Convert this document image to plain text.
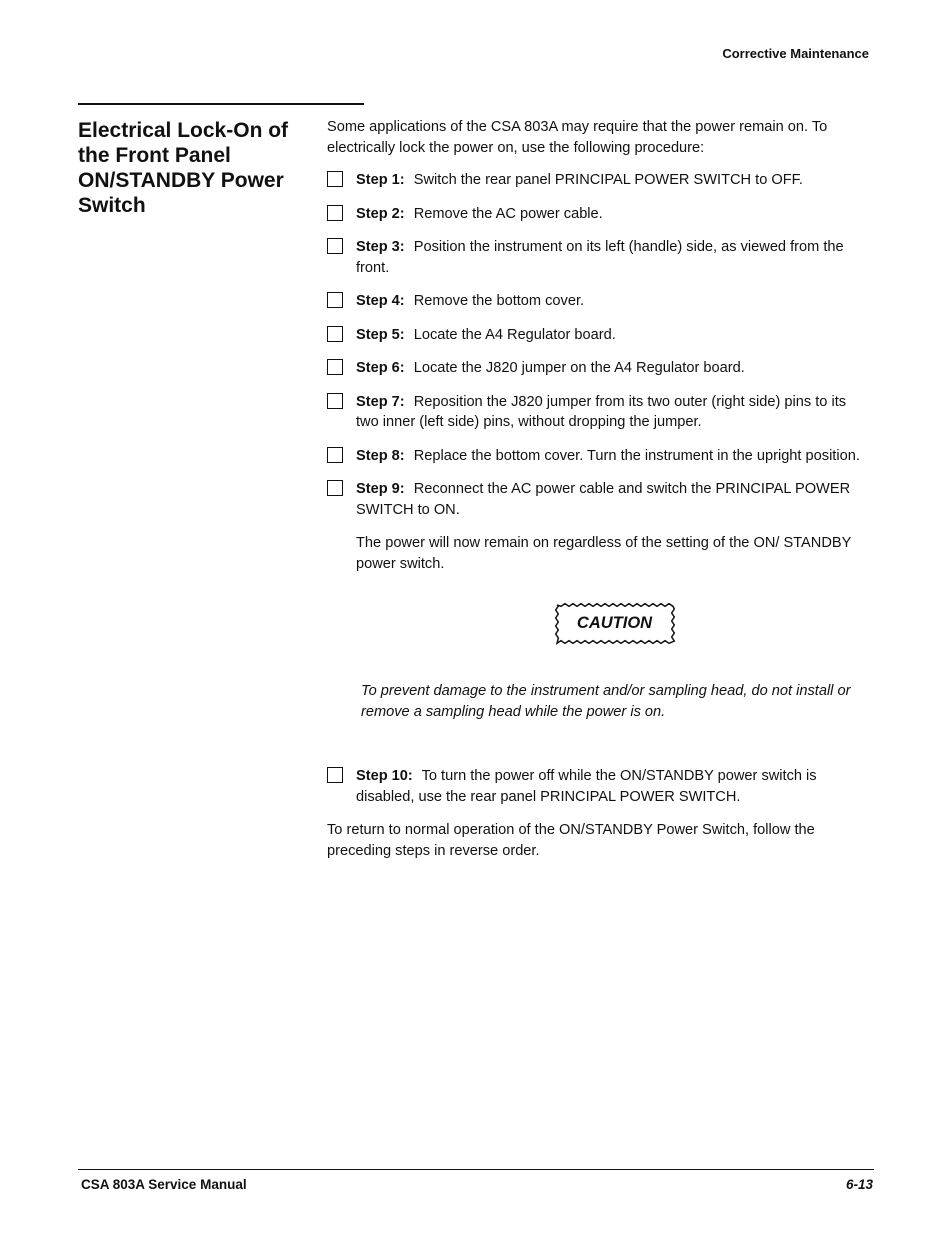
Corrective Maintenance
Electrical Lock-On of the Front Panel ON/STANDBY Power Switch

Some applications of the CSA 803A may require that the power remain on. To electrically lock the power on, use the following procedure:

Step 1: Switch the rear panel PRINCIPAL POWER SWITCH to OFF.
Step 2: Remove the AC power cable.
Step 3: Position the instrument on its left (handle) side, as viewed from the front.
Step 4: Remove the bottom cover.
Step 5: Locate the A4 Regulator board.
Step 6: Locate the J820 jumper on the A4 Regulator board.
Step 7: Reposition the J820 jumper from its two outer (right side) pins to its two inner (left side) pins, without dropping the jumper.
Step 8: Replace the bottom cover. Turn the instrument in the upright position.
Step 9: Reconnect the AC power cable and switch the PRINCIPAL POWER SWITCH to ON.

The power will now remain on regardless of the setting of the ON/ STANDBY power switch.

CAUTION

To prevent damage to the instrument and/or sampling head, do not install or remove a sampling head while the power is on.

Step 10: To turn the power off while the ON/STANDBY power switch is disabled, use the rear panel PRINCIPAL POWER SWITCH.

To return to normal operation of the ON/STANDBY Power Switch, follow the preceding steps in reverse order.

CSA 803A Service Manual	6-13
